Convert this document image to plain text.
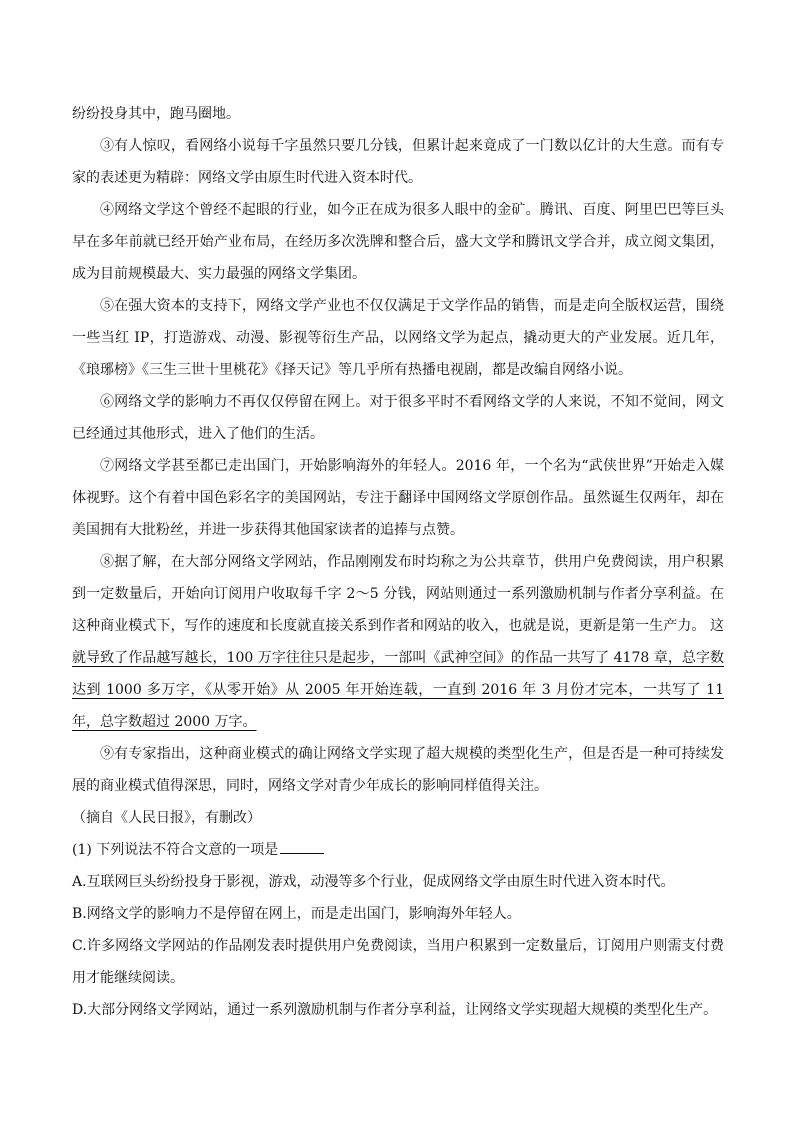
纷纷投身其中，跑马圈地。

③有人惊叹，看网络小说每千字虽然只要几分钱，但累计起来竟成了一门数以亿计的大生意。而有专家的表述更为精辟：网络文学由原生时代进入资本时代。

④网络文学这个曾经不起眼的行业，如今正在成为很多人眼中的金矿。腾讯、百度、阿里巴巴等巨头早在多年前就已经开始产业布局，在经历多次洗牌和整合后，盛大文学和腾讯文学合并，成立阅文集团，成为目前规模最大、实力最强的网络文学集团。

⑤在强大资本的支持下，网络文学产业也不仅仅满足于文学作品的销售，而是走向全版权运营，围绕一些当红 IP，打造游戏、动漫、影视等衍生产品，以网络文学为起点，撬动更大的产业发展。近几年，《琅琊榜》《三生三世十里桃花》《择天记》等几乎所有热播电视剧，都是改编自网络小说。

⑥网络文学的影响力不再仅仅停留在网上。对于很多平时不看网络文学的人来说，不知不觉间，网文已经通过其他形式，进入了他们的生活。

⑦网络文学甚至都已走出国门，开始影响海外的年轻人。2016 年，一个名为“武侠世界”开始走入媒体视野。这个有着中国色彩名字的美国网站，专注于翻译中国网络文学原创作品。虽然诞生仅两年，却在美国拥有大批粉丝，并进一步获得其他国家读者的追捧与点赞。

⑧据了解，在大部分网络文学网站，作品刚刚发布时均称之为公共章节，供用户免费阅读，用户积累到一定数量后，开始向订阅用户收取每千字 2～5 分钱，网站则通过一系列激励机制与作者分享利益。在这种商业模式下，写作的速度和长度就直接关系到作者和网站的收入，也就是说，更新是第一生产力。 这就导致了作品越写越长，100 万字往往只是起步，一部叫《武神空间》的作品一共写了 4178 章，总字数达到 1000 多万字，《从零开始》从 2005 年开始连载，一直到 2016 年 3 月份才完本，一共写了 11 年，总字数超过 2000 万字。

⑨有专家指出，这种商业模式的确让网络文学实现了超大规模的类型化生产，但是否是一种可持续发展的商业模式值得深思，同时，网络文学对青少年成长的影响同样值得关注。

（摘自《人民日报》，有删改）

(1) 下列说法不符合文意的一项是

A.互联网巨头纷纷投身于影视，游戏，动漫等多个行业，促成网络文学由原生时代进入资本时代。

B.网络文学的影响力不是停留在网上，而是走出国门，影响海外年轻人。

C.许多网络文学网站的作品刚发表时提供用户免费阅读，当用户积累到一定数量后，订阅用户则需支付费用才能继续阅读。

D.大部分网络文学网站，通过一系列激励机制与作者分享利益，让网络文学实现超大规模的类型化生产。
